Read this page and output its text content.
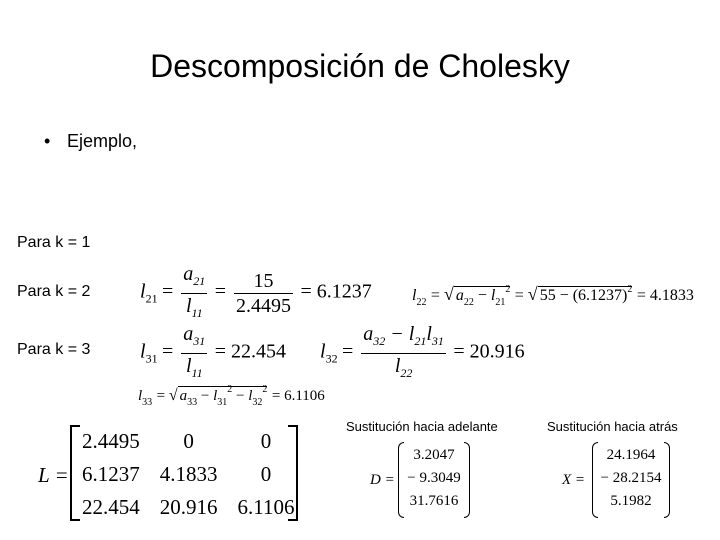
Descomposición de Cholesky
• Ejemplo,
Para k = 1
Para k = 2
Para k = 3
$l_{21} = \frac{a_{21}}{l_{11}} = \frac{15}{2.4495} = 6.1237$	$l_{22}$ = √ $a_{22} - l_{21}^2$ = √ $55 - (6.1237)^2 = 4.1833$
$l_{31} = \frac{a_{31}}{l_{11}} = 22.454$ $l_{32} = \frac{a_{32} - l_{21}l_{31}}{l_{22}} = 20.916$
$l_{33}$ = √ $a_{33} - l_{31}^2 - l_{32}^2 = 6.1106$
L =
2.4495	0	0
6.1237	4.1833	0
22.454	20.916	6.1106
Sustitución hacia adelante
D =
3.2047
− 9.3049
31.7616
Sustitución hacia atrás
X =
24.1964
− 28.2154
5.1982
